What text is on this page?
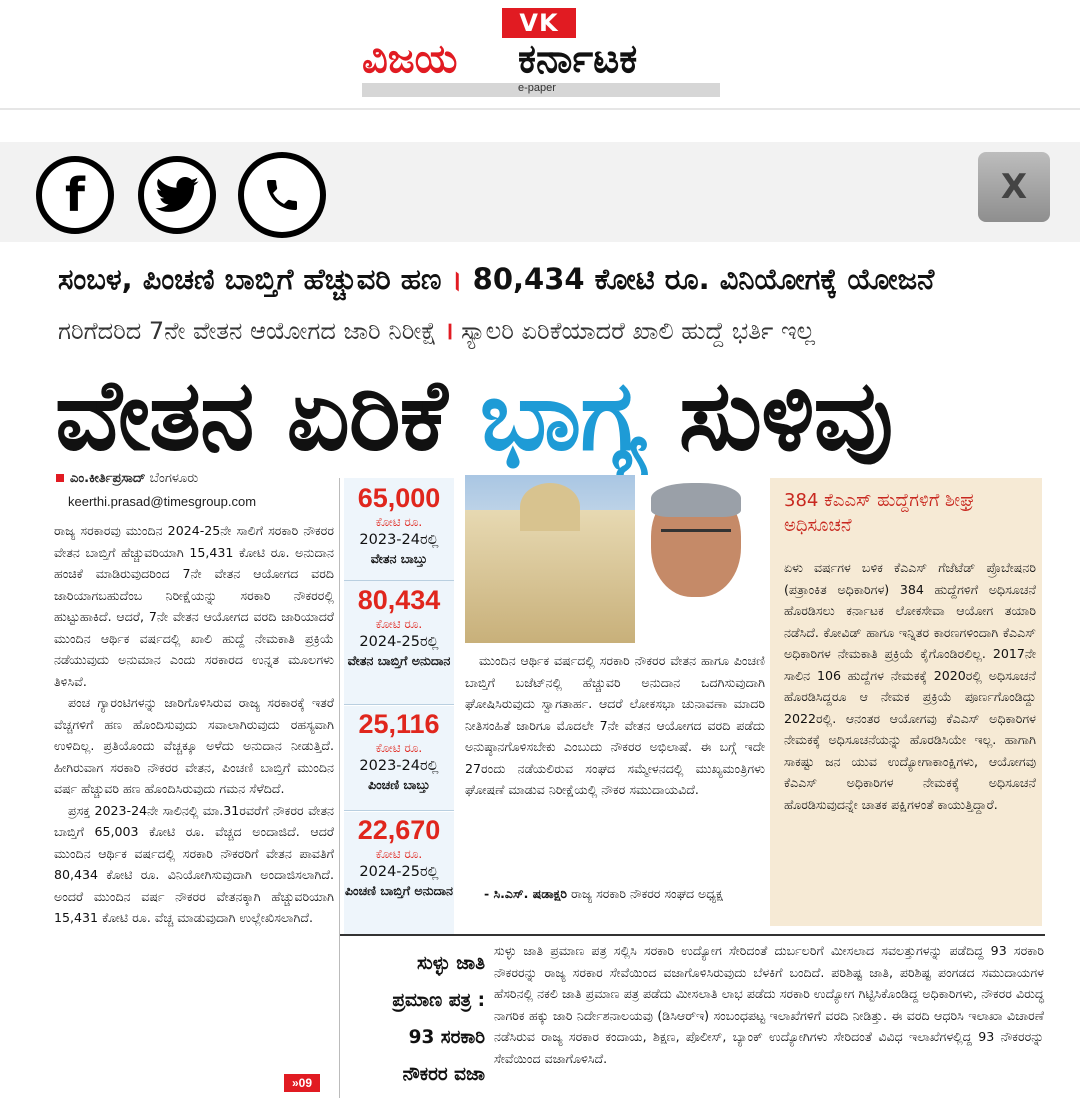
VK
ವಿಜಯ ಕರ್ನಾಟಕ
e-paper
f	X
ಸಂಬಳ, ಪಿಂಚಣಿ ಬಾಬ್ತಿಗೆ ಹೆಚ್ಚುವರಿ ಹಣ । 80,434 ಕೋಟಿ ರೂ. ವಿನಿಯೋಗಕ್ಕೆ ಯೋಜನೆ
ಗರಿಗೆದರಿದ 7ನೇ ವೇತನ ಆಯೋಗದ ಜಾರಿ ನಿರೀಕ್ಷೆ । ಸ್ಯಾಲರಿ ಏರಿಕೆಯಾದರೆ ಖಾಲಿ ಹುದ್ದೆ ಭರ್ತಿ ಇಲ್ಲ
ವೇತನ ಏರಿಕೆ ಭಾಗ್ಯ ಸುಳಿವು
ಎಂ.ಕೀರ್ತಿಪ್ರಸಾದ್ ಬೆಂಗಳೂರು
keerthi.prasad@timesgroup.com

ರಾಜ್ಯ ಸರಕಾರವು ಮುಂದಿನ 2024-25ನೇ ಸಾಲಿಗೆ ಸರಕಾರಿ ನೌಕರರ ವೇತನ ಬಾಬ್ತಿಗೆ ಹೆಚ್ಚುವರಿಯಾಗಿ 15,431 ಕೋಟಿ ರೂ. ಅನುದಾನ ಹಂಚಿಕೆ ಮಾಡಿರುವುದರಿಂದ 7ನೇ ವೇತನ ಆಯೋಗದ ವರದಿ ಜಾರಿಯಾಗಬಹುದೆಂಬ ನಿರೀಕ್ಷೆಯನ್ನು ಸರಕಾರಿ ನೌಕರರಲ್ಲಿ ಹುಟ್ಟುಹಾಕಿದೆ. ಆದರೆ, 7ನೇ ವೇತನ ಆಯೋಗದ ವರದಿ ಜಾರಿಯಾದರೆ ಮುಂದಿನ ಆರ್ಥಿಕ ವರ್ಷದಲ್ಲಿ ಖಾಲಿ ಹುದ್ದೆ ನೇಮಕಾತಿ ಪ್ರಕ್ರಿಯೆ ನಡೆಯುವುದು ಅನುಮಾನ ಎಂದು ಸರಕಾರದ ಉನ್ನತ ಮೂಲಗಳು ತಿಳಿಸಿವೆ.

ಪಂಚ ಗ್ಯಾರಂಟಿಗಳನ್ನು ಜಾರಿಗೊಳಿಸಿರುವ ರಾಜ್ಯ ಸರಕಾರಕ್ಕೆ ಇತರೆ ವೆಚ್ಚಗಳಿಗೆ ಹಣ ಹೊಂದಿಸುವುದು ಸವಾಲಾಗಿರುವುದು ರಹಸ್ಯವಾಗಿ ಉಳಿದಿಲ್ಲ. ಪ್ರತಿಯೊಂದು ವೆಚ್ಚಕ್ಕೂ ಅಳೆದು ಅನುದಾನ ನೀಡುತ್ತಿದೆ. ಹೀಗಿರುವಾಗ ಸರಕಾರಿ ನೌಕರರ ವೇತನ, ಪಿಂಚಣಿ ಬಾಬ್ತಿಗೆ ಮುಂದಿನ ವರ್ಷ ಹೆಚ್ಚುವರಿ ಹಣ ಹೊಂದಿಸಿರುವುದು ಗಮನ ಸೆಳೆದಿದೆ.

ಪ್ರಸಕ್ತ 2023-24ನೇ ಸಾಲಿನಲ್ಲಿ ಮಾ.31ರವರೆಗೆ ನೌಕರರ ವೇತನ ಬಾಬ್ತಿಗೆ 65,003 ಕೋಟಿ ರೂ. ವೆಚ್ಚದ ಅಂದಾಜಿದೆ. ಆದರೆ ಮುಂದಿನ ಆರ್ಥಿಕ ವರ್ಷದಲ್ಲಿ ಸರಕಾರಿ ನೌಕರರಿಗೆ ವೇತನ ಪಾವತಿಗೆ 80,434 ಕೋಟಿ ರೂ. ವಿನಿಯೋಗಿಸುವುದಾಗಿ ಅಂದಾಜಿಸಲಾಗಿದೆ. ಅಂದರೆ ಮುಂದಿನ ವರ್ಷ ನೌಕರರ ವೇತನಕ್ಕಾಗಿ ಹೆಚ್ಚುವರಿಯಾಗಿ 15,431 ಕೋಟಿ ರೂ. ವೆಚ್ಚ ಮಾಡುವುದಾಗಿ ಉಲ್ಲೇಖಿಸಲಾಗಿದೆ.

»09
65,000
ಕೋಟಿ ರೂ.
2023-24ರಲ್ಲಿ
ವೇತನ ಬಾಬ್ತು
80,434
ಕೋಟಿ ರೂ.
2024-25ರಲ್ಲಿ
ವೇತನ ಬಾಬ್ತಿಗೆ ಅನುದಾನ
25,116
ಕೋಟಿ ರೂ.
2023-24ರಲ್ಲಿ
ಪಿಂಚಣಿ ಬಾಬ್ತು
22,670
ಕೋಟಿ ರೂ.
2024-25ರಲ್ಲಿ
ಪಿಂಚಣಿ ಬಾಬ್ತಿಗೆ ಅನುದಾನ

ಮುಂದಿನ ಆರ್ಥಿಕ ವರ್ಷದಲ್ಲಿ ಸರಕಾರಿ ನೌಕರರ ವೇತನ ಹಾಗೂ ಪಿಂಚಣಿ ಬಾಬ್ತಿಗೆ ಬಜೆಟ್‌ನಲ್ಲಿ ಹೆಚ್ಚುವರಿ ಅನುದಾನ ಒದಗಿಸುವುದಾಗಿ ಘೋಷಿಸಿರುವುದು ಸ್ವಾಗತಾರ್ಹ. ಆದರೆ ಲೋಕಸಭಾ ಚುನಾವಣಾ ಮಾದರಿ ನೀತಿಸಂಹಿತೆ ಜಾರಿಗೂ ಮೊದಲೇ 7ನೇ ವೇತನ ಆಯೋಗದ ವರದಿ ಪಡೆದು ಅನುಷ್ಠಾನಗೊಳಿಸಬೇಕು ಎಂಬುದು ನೌಕರರ ಅಭಿಲಾಷೆ. ಈ ಬಗ್ಗೆ ಇದೇ 27ರಂದು ನಡೆಯಲಿರುವ ಸಂಘದ ಸಮ್ಮೇಳನದಲ್ಲಿ ಮುಖ್ಯಮಂತ್ರಿಗಳು ಘೋಷಣೆ ಮಾಡುವ ನಿರೀಕ್ಷೆಯಲ್ಲಿ ನೌಕರ ಸಮುದಾಯವಿದೆ.

- ಸಿ.ಎಸ್. ಷಡಾಕ್ಷರಿ ರಾಜ್ಯ ಸರಕಾರಿ ನೌಕರರ ಸಂಘದ ಅಧ್ಯಕ್ಷ
384 ಕೆಎಎಸ್ ಹುದ್ದೆಗಳಿಗೆ ಶೀಘ್ರ ಅಧಿಸೂಚನೆ

ಏಳು ವರ್ಷಗಳ ಬಳಿಕ ಕೆಎಎಸ್ ಗೆಜೆಟೆಡ್ ಪ್ರೊಬೇಷನರಿ (ಪತ್ರಾಂಕಿತ ಅಧಿಕಾರಿಗಳ) 384 ಹುದ್ದೆಗಳಿಗೆ ಅಧಿಸೂಚನೆ ಹೊರಡಿಸಲು ಕರ್ನಾಟಕ ಲೋಕಸೇವಾ ಆಯೋಗ ತಯಾರಿ ನಡೆಸಿದೆ. ಕೋವಿಡ್ ಹಾಗೂ ಇನ್ನಿತರ ಕಾರಣಗಳಿಂದಾಗಿ ಕೆಎಎಸ್ ಅಧಿಕಾರಿಗಳ ನೇಮಕಾತಿ ಪ್ರಕ್ರಿಯೆ ಕೈಗೊಂಡಿರಲಿಲ್ಲ. 2017ನೇ ಸಾಲಿನ 106 ಹುದ್ದೆಗಳ ನೇಮಕಕ್ಕೆ 2020ರಲ್ಲಿ ಅಧಿಸೂಚನೆ ಹೊರಡಿಸಿದ್ದರೂ ಆ ನೇಮಕ ಪ್ರಕ್ರಿಯೆ ಪೂರ್ಣಗೊಂಡಿದ್ದು 2022ರಲ್ಲಿ. ಆನಂತರ ಆಯೋಗವು ಕೆಎಎಸ್ ಅಧಿಕಾರಿಗಳ ನೇಮಕಕ್ಕೆ ಅಧಿಸೂಚನೆಯನ್ನು ಹೊರಡಿಸಿಯೇ ಇಲ್ಲ. ಹಾಗಾಗಿ ಸಾಕಷ್ಟು ಜನ ಯುವ ಉದ್ಯೋಗಾಕಾಂಕ್ಷಿಗಳು, ಆಯೋಗವು ಕೆಎಎಸ್ ಅಧಿಕಾರಿಗಳ ನೇಮಕಕ್ಕೆ ಅಧಿಸೂಚನೆ ಹೊರಡಿಸುವುದನ್ನೇ ಚಾತಕ ಪಕ್ಷಿಗಳಂತೆ ಕಾಯುತ್ತಿದ್ದಾರೆ.

ಸುಳ್ಳು ಜಾತಿ
ಪ್ರಮಾಣ ಪತ್ರ :
93 ಸರಕಾರಿ
ನೌಕರರ ವಜಾ

ಸುಳ್ಳು ಜಾತಿ ಪ್ರಮಾಣ ಪತ್ರ ಸಲ್ಲಿಸಿ ಸರಕಾರಿ ಉದ್ಯೋಗ ಸೇರಿದಂತೆ ದುರ್ಬಲರಿಗೆ ಮೀಸಲಾದ ಸವಲತ್ತುಗಳನ್ನು ಪಡೆದಿದ್ದ 93 ಸರಕಾರಿ ನೌಕರರನ್ನು ರಾಜ್ಯ ಸರಕಾರ ಸೇವೆಯಿಂದ ವಜಾಗೊಳಿಸಿರುವುದು ಬೆಳಕಿಗೆ ಬಂದಿದೆ. ಪರಿಶಿಷ್ಟ ಜಾತಿ, ಪರಿಶಿಷ್ಟ ಪಂಗಡದ ಸಮುದಾಯಗಳ ಹೆಸರಿನಲ್ಲಿ ನಕಲಿ ಜಾತಿ ಪ್ರಮಾಣ ಪತ್ರ ಪಡೆದು ಮೀಸಲಾತಿ ಲಾಭ ಪಡೆದು ಸರಕಾರಿ ಉದ್ಯೋಗ ಗಿಟ್ಟಿಸಿಕೊಂಡಿದ್ದ ಅಧಿಕಾರಿಗಳು, ನೌಕರರ ವಿರುದ್ಧ ನಾಗರಿಕ ಹಕ್ಕು ಜಾರಿ ನಿರ್ದೇಶನಾಲಯವು (ಡಿಸಿಆರ್‌ಇ) ಸಂಬಂಧಪಟ್ಟ ಇಲಾಖೆಗಳಿಗೆ ವರದಿ ನೀಡಿತ್ತು. ಈ ವರದಿ ಆಧರಿಸಿ ಇಲಾಖಾ ವಿಚಾರಣೆ ನಡೆಸಿರುವ ರಾಜ್ಯ ಸರಕಾರ ಕಂದಾಯ, ಶಿಕ್ಷಣ, ಪೊಲೀಸ್, ಬ್ಯಾಂಕ್ ಉದ್ಯೋಗಿಗಳು ಸೇರಿದಂತೆ ವಿವಿಧ ಇಲಾಖೆಗಳಲ್ಲಿದ್ದ 93 ನೌಕರರನ್ನು ಸೇವೆಯಿಂದ ವಜಾಗೊಳಿಸಿದೆ.
